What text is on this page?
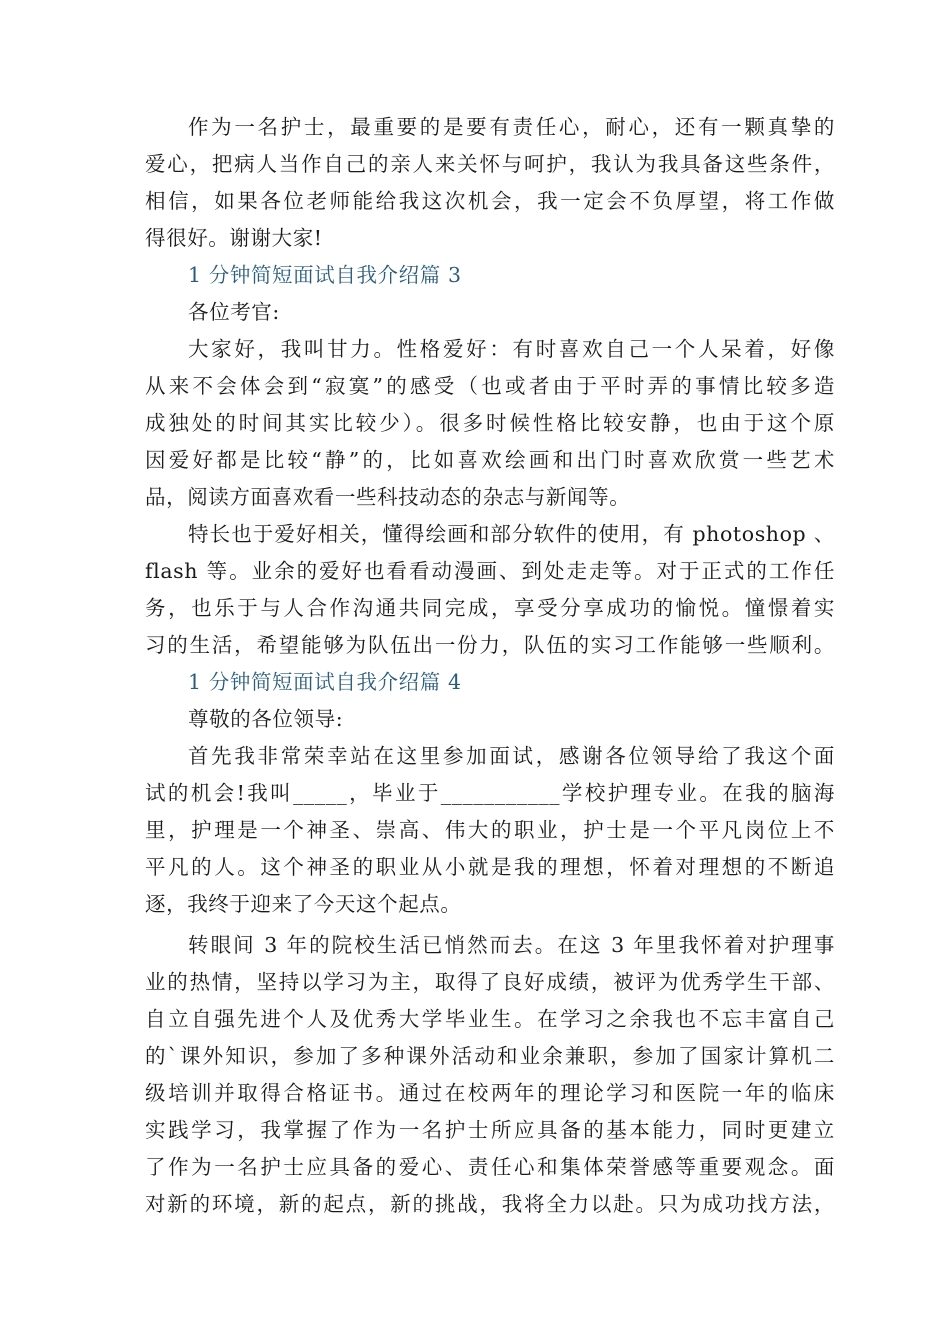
作为一名护士，最重要的是要有责任心，耐心，还有一颗真挚的
爱心，把病人当作自己的亲人来关怀与呵护，我认为我具备这些条件，
相信，如果各位老师能给我这次机会，我一定会不负厚望，将工作做
得很好。谢谢大家!
1 分钟简短面试自我介绍篇 3
各位考官:
大家好，我叫甘力。性格爱好：有时喜欢自己一个人呆着，好像
从来不会体会到“寂寞”的感受（也或者由于平时弄的事情比较多造
成独处的时间其实比较少）。很多时候性格比较安静，也由于这个原
因爱好都是比较“静”的，比如喜欢绘画和出门时喜欢欣赏一些艺术
品，阅读方面喜欢看一些科技动态的杂志与新闻等。
特长也于爱好相关，懂得绘画和部分软件的使用，有 photoshop 、
flash 等。业余的爱好也看看动漫画、到处走走等。对于正式的工作任
务，也乐于与人合作沟通共同完成，享受分享成功的愉悦。憧憬着实
习的生活，希望能够为队伍出一份力，队伍的实习工作能够一些顺利。
1 分钟简短面试自我介绍篇 4
尊敬的各位领导:
首先我非常荣幸站在这里参加面试，感谢各位领导给了我这个面
试的机会!我叫_____，毕业于___________学校护理专业。在我的脑海
里，护理是一个神圣、崇高、伟大的职业，护士是一个平凡岗位上不
平凡的人。这个神圣的职业从小就是我的理想，怀着对理想的不断追
逐，我终于迎来了今天这个起点。
转眼间 3 年的院校生活已悄然而去。在这 3 年里我怀着对护理事
业的热情，坚持以学习为主，取得了良好成绩，被评为优秀学生干部、
自立自强先进个人及优秀大学毕业生。在学习之余我也不忘丰富自己
的`课外知识，参加了多种课外活动和业余兼职，参加了国家计算机二
级培训并取得合格证书。通过在校两年的理论学习和医院一年的临床
实践学习，我掌握了作为一名护士所应具备的基本能力，同时更建立
了作为一名护士应具备的爱心、责任心和集体荣誉感等重要观念。面
对新的环境，新的起点，新的挑战，我将全力以赴。只为成功找方法，
